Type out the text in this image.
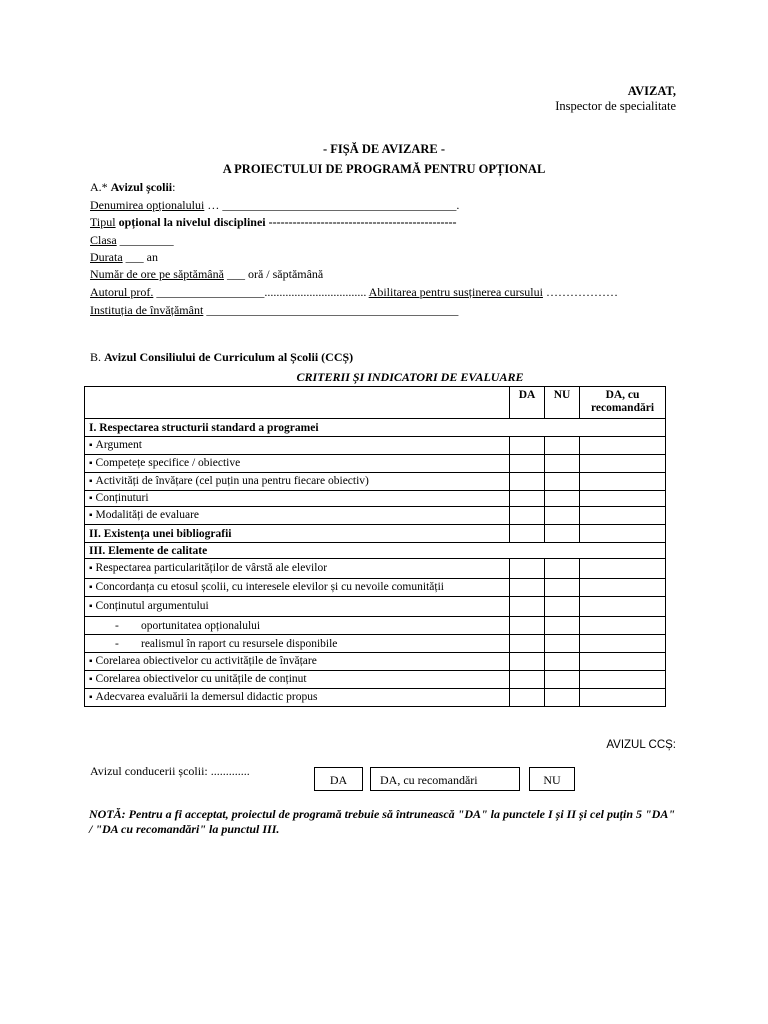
AVIZAT,
Inspector de specialitate
- FIȘĂ DE AVIZARE -
A PROIECTULUI DE PROGRAMĂ PENTRU OPȚIONAL
A.* Avizul școlii:
Denumirea opționalului … _______________________________________.
Tipul opțional la nivelul disciplinei -----------------------------------------------
Clasa _________
Durata ___ an
Număr de ore pe săptămână ___ oră / săptămână
Autorul prof. __________________.................................. Abilitarea pentru susținerea cursului ………………
Instituția de învățământ __________________________________________
B. Avizul Consiliului de Curriculum al Școlii (CCȘ)
CRITERII ȘI INDICATORI DE EVALUARE
	DA	NU	DA, cu
recomandări

I. Respectarea structurii standard a programei			
▪ Argument			
▪ Competețe specifice / obiective			
▪ Activități de învățare (cel puțin una pentru fiecare obiectiv)			
▪ Conținuturi			
▪ Modalități de evaluare			
II. Existența unei bibliografii			
III. Elemente de calitate			
▪ Respectarea particularităților de vârstă ale elevilor			
▪ Concordanța cu etosul școlii, cu interesele elevilor și cu nevoile comunității			
▪ Conținutul argumentului			
- oportunitatea opționalului			
- realismul în raport cu resursele disponibile			
▪ Corelarea obiectivelor cu activitățile de învățare			
▪ Corelarea obiectivelor cu unitățile de conținut			
▪ Adecvarea evaluării la demersul didactic propus			
AVIZUL CCȘ:
Avizul conducerii școlii: .............
DA	DA, cu recomandări	NU
NOTĂ: Pentru a fi acceptat, proiectul de programă trebuie să întrunească "DA" la punctele I și II și cel puțin 5 "DA" / "DA cu recomandări" la punctul III.
